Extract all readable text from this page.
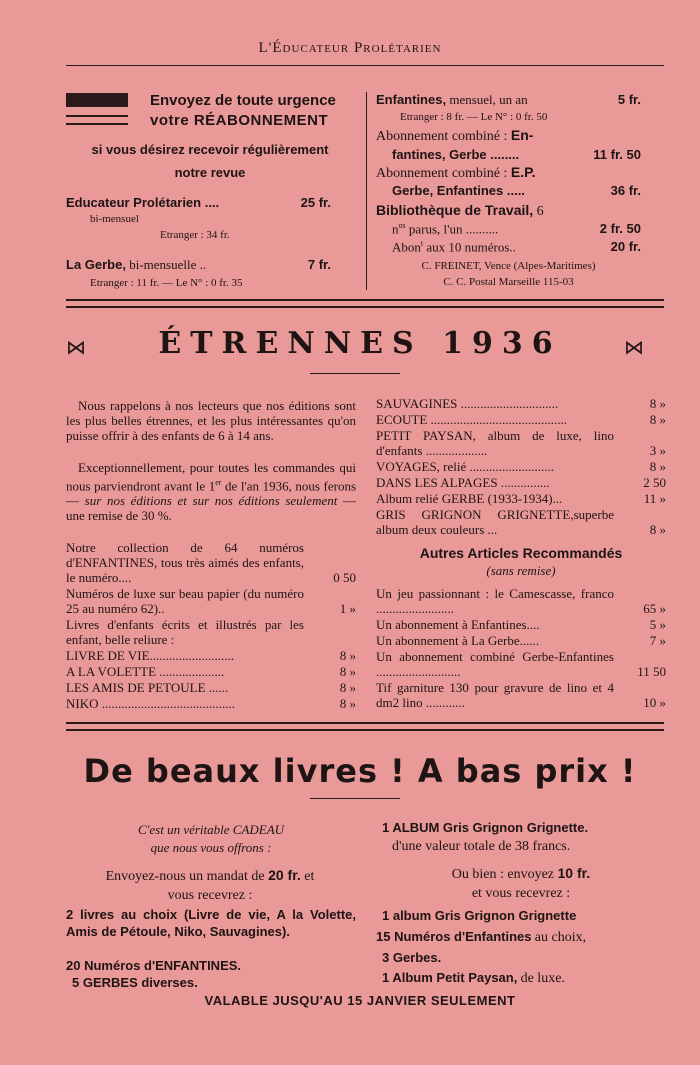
L'Éducateur Prolétarien
Envoyez de toute urgence
votre RÉABONNEMENT
si vous désirez recevoir régulièrement
notre revue
Educateur Prolétarien ....	25 fr.
bi-mensuel
Etranger : 34 fr.
La Gerbe, bi-mensuelle ..	7 fr.
Etranger : 11 fr. — Le N° : 0 fr. 35
Enfantines, mensuel, un an	5 fr.
Etranger : 8 fr. — Le N° : 0 fr. 50
Abonnement combiné : En-
fantines, Gerbe ........	11 fr. 50
Abonnement combiné : E.P.
Gerbe, Enfantines .....	36 fr.
Bibliothèque de Travail, 6
$n^{os}$ parus, l'un ..........	2 fr. 50
Abon$^t$ aux 10 numéros..	20 fr.
C. FREINET, Vence (Alpes-Maritimes)
C. C. Postal Marseille 115-03
⋈	⋈
ÉTRENNES 1936
Nous rappelons à nos lecteurs que nos éditions sont les plus belles étrennes, et les plus intéressantes qu'on puisse offrir à des enfants de 6 à 14 ans.
Exceptionnellement, pour toutes les commandes qui nous parviendront avant le 1er de l'an 1936, nous ferons — sur nos éditions et sur nos éditions seulement — une remise de 30 %.
Notre collection de 64 numéros d'ENFANTINES, tous très aimés des enfants, le numéro....	0 50
Numéros de luxe sur beau papier (du numéro 25 au numéro 62)..	1 »
Livres d'enfants écrits et illustrés par les enfant, belle reliure :
LIVRE DE VIE..........................	8 »
A LA VOLETTE ....................	8 »
LES AMIS DE PETOULE ......	8 »
NIKO .........................................	8 »
SAUVAGINES ..............................	8 »
ECOUTE ..........................................	8 »
PETIT PAYSAN, album de luxe, lino d'enfants ...................	3 »
VOYAGES, relié ..........................	8 »
DANS LES ALPAGES ...............	2 50
Album relié GERBE (1933-1934)...	11 »
GRIS GRIGNON GRIGNETTE,superbe album deux couleurs ...	8 »
Autres Articles Recommandés
(sans remise)
Un jeu passionnant : le Camescasse, franco ........................	65 »
Un abonnement à Enfantines....	5 »
Un abonnement à La Gerbe......	7 »
Un abonnement combiné Gerbe-Enfantines ..........................	11 50
Tif garniture 130 pour gravure de lino et 4 dm2 lino ............	10 »
De beaux livres ! A bas prix !
C'est un véritable CADEAU
que nous vous offrons :
Envoyez-nous un mandat de 20 fr. et
vous recevrez :
2 livres au choix (Livre de vie, A la Volette, Amis de Pétoule, Niko, Sauvagines).
20 Numéros d'ENFANTINES.
5 GERBES diverses.
1 ALBUM Gris Grignon Grignette.
d'une valeur totale de 38 francs.
Ou bien : envoyez 10 fr.
et vous recevrez :
1 album Gris Grignon Grignette
15 Numéros d'Enfantines au choix,
3 Gerbes.
1 Album Petit Paysan, de luxe.
VALABLE JUSQU'AU 15 JANVIER SEULEMENT
